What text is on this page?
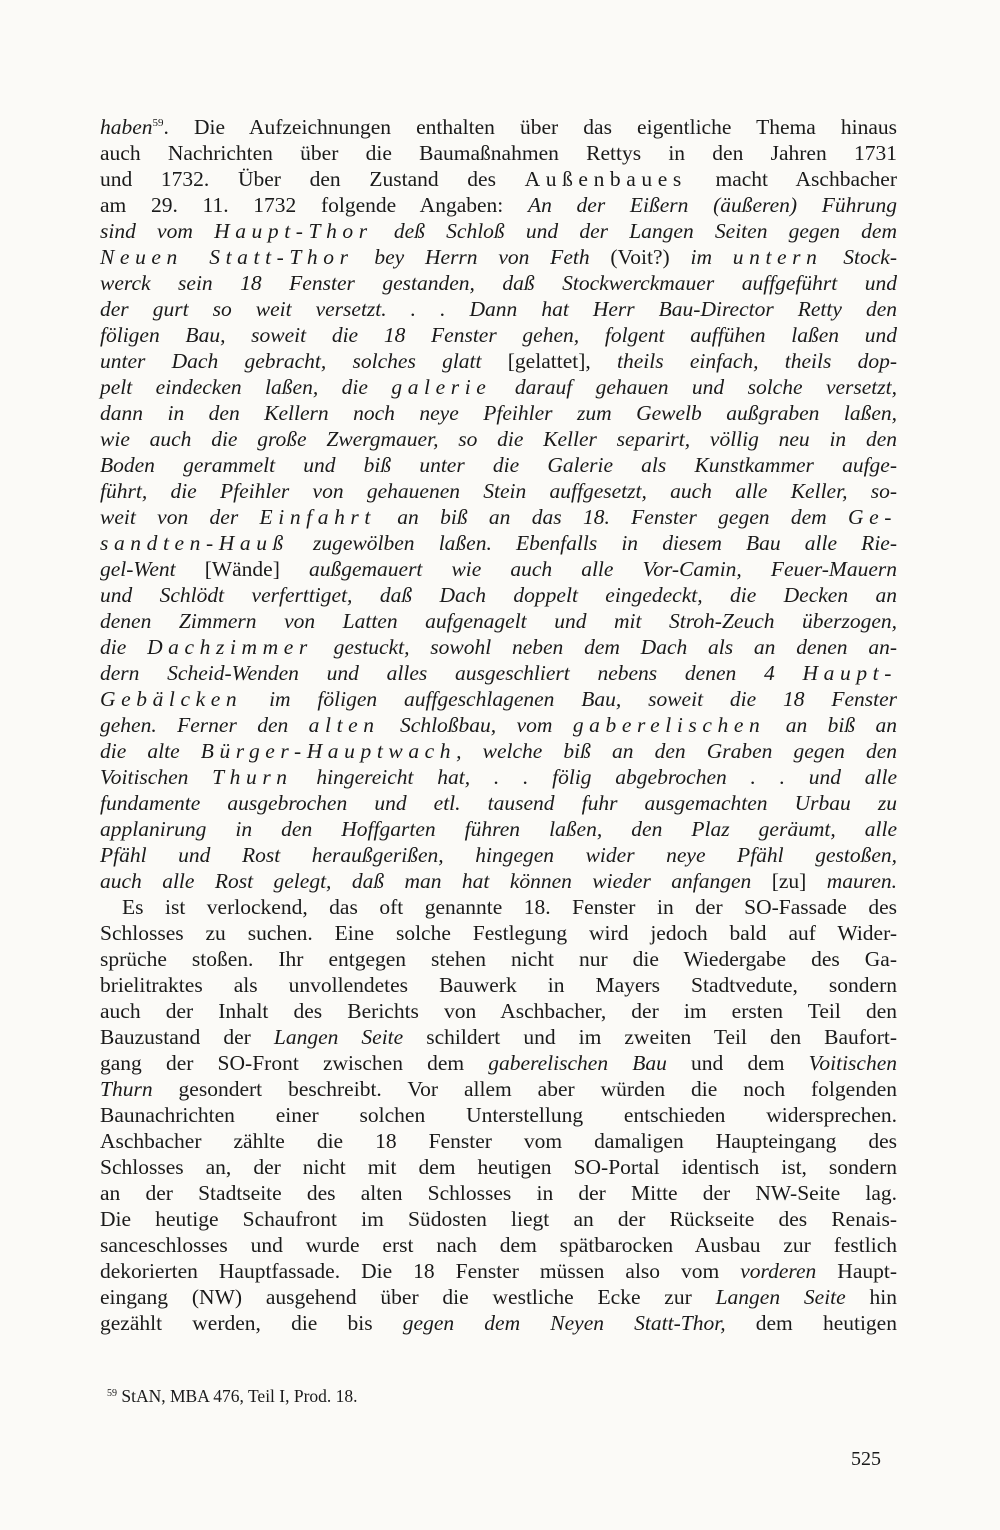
haben$^{59}$. Die Aufzeichnungen enthalten über das eigentliche Thema hinaus
auch Nachrichten über die Baumaßnahmen Rettys in den Jahren 1731
und 1732. Über den Zustand des Außenbaues macht Aschbacher
am 29. 11. 1732 folgende Angaben: An der Eißern (äußeren) Führung
sind vom Haupt-Thor deß Schloß und der Langen Seiten gegen dem
Neuen Statt-Thor bey Herrn von Feth (Voit?) im untern Stock-
werck sein 18 Fenster gestanden, daß Stockwerckmauer auffgeführt und
der gurt so weit versetzt. . . Dann hat Herr Bau-Director Retty den
föligen Bau, soweit die 18 Fenster gehen, folgent auffühen laßen und
unter Dach gebracht, solches glatt [gelattet], theils einfach, theils dop-
pelt eindecken laßen, die galerie darauf gehauen und solche versetzt,
dann in den Kellern noch neye Pfeihler zum Gewelb außgraben laßen,
wie auch die große Zwergmauer, so die Keller separirt, völlig neu in den
Boden gerammelt und biß unter die Galerie als Kunstkammer aufge-
führt, die Pfeihler von gehauenen Stein auffgesetzt, auch alle Keller, so-
weit von der Einfahrt an biß an das 18. Fenster gegen dem Ge-
sandten-Hauß zugewölben laßen. Ebenfalls in diesem Bau alle Rie-
gel-Went [Wände] außgemauert wie auch alle Vor-Camin, Feuer-Mauern
und Schlödt verferttiget, daß Dach doppelt eingedeckt, die Decken an
denen Zimmern von Latten aufgenagelt und mit Stroh-Zeuch überzogen,
die Dachzimmer gestuckt, sowohl neben dem Dach als an denen an-
dern Scheid-Wenden und alles ausgeschliert nebens denen 4 Haupt-
Gebälcken im föligen auffgeschlagenen Bau, soweit die 18 Fenster
gehen. Ferner den alten Schloßbau, vom gaberelischen an biß an
die alte Bürger-Hauptwach, welche biß an den Graben gegen den
Voitischen Thurn hingereicht hat, . . fölig abgebrochen . . und alle
fundamente ausgebrochen und etl. tausend fuhr ausgemachten Urbau zu
applanirung in den Hoffgarten führen laßen, den Plaz geräumt, alle
Pfähl und Rost heraußgerißen, hingegen wider neye Pfähl gestoßen,
auch alle Rost gelegt, daß man hat können wieder anfangen [zu] mauren.
Es ist verlockend, das oft genannte 18. Fenster in der SO-Fassade des
Schlosses zu suchen. Eine solche Festlegung wird jedoch bald auf Wider-
sprüche stoßen. Ihr entgegen stehen nicht nur die Wiedergabe des Ga-
brielitraktes als unvollendetes Bauwerk in Mayers Stadtvedute, sondern
auch der Inhalt des Berichts von Aschbacher, der im ersten Teil den
Bauzustand der Langen Seite schildert und im zweiten Teil den Baufort-
gang der SO-Front zwischen dem gaberelischen Bau und dem Voitischen
Thurn gesondert beschreibt. Vor allem aber würden die noch folgenden
Baunachrichten einer solchen Unterstellung entschieden widersprechen.
Aschbacher zählte die 18 Fenster vom damaligen Haupteingang des
Schlosses an, der nicht mit dem heutigen SO-Portal identisch ist, sondern
an der Stadtseite des alten Schlosses in der Mitte der NW-Seite lag.
Die heutige Schaufront im Südosten liegt an der Rückseite des Renais-
sanceschlosses und wurde erst nach dem spätbarocken Ausbau zur festlich
dekorierten Hauptfassade. Die 18 Fenster müssen also vom vorderen Haupt-
eingang (NW) ausgehend über die westliche Ecke zur Langen Seite hin
gezählt werden, die bis gegen dem Neyen Statt-Thor, dem heutigen
$^{59}$ StAN, MBA 476, Teil I, Prod. 18.
525
